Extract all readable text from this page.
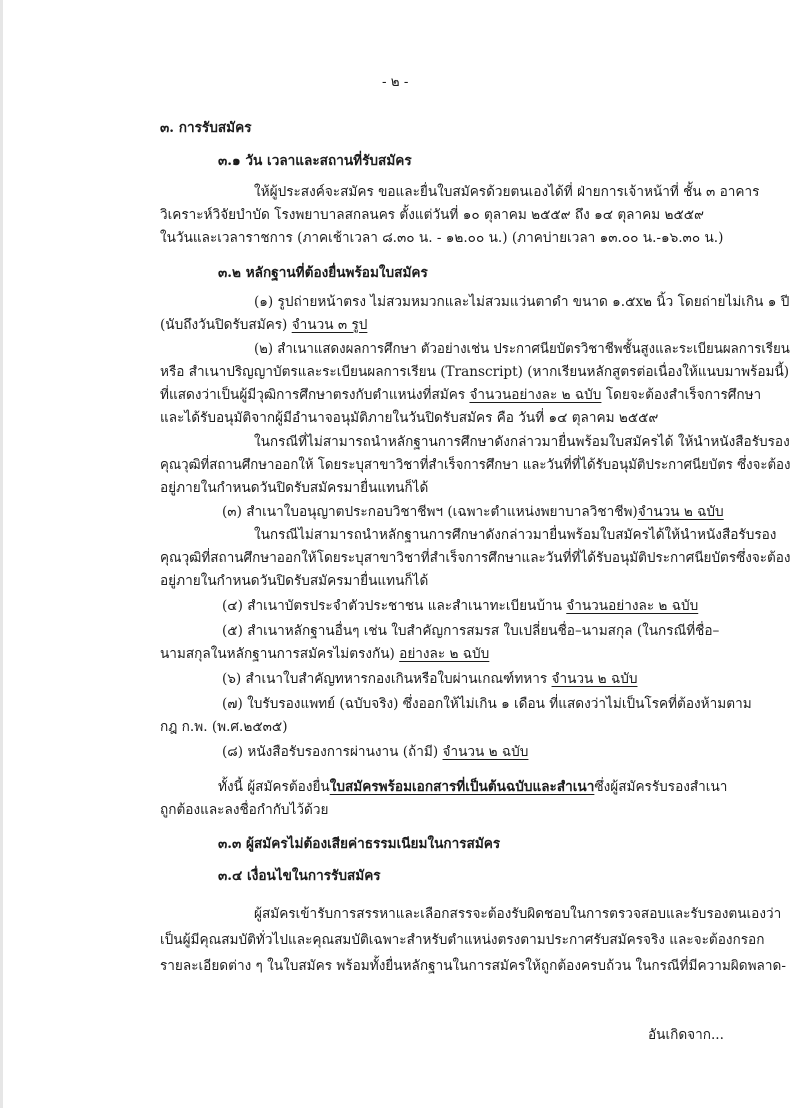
- ๒ -
๓. การรับสมัคร
๓.๑ วัน เวลาและสถานที่รับสมัคร
ให้ผู้ประสงค์จะสมัคร ขอและยื่นใบสมัครด้วยตนเองได้ที่ ฝ่ายการเจ้าหน้าที่ ชั้น ๓ อาคาร
วิเคราะห์วิจัยบำบัด โรงพยาบาลสกลนคร ตั้งแต่วันที่ ๑๐ ตุลาคม ๒๕๕๙ ถึง ๑๔ ตุลาคม ๒๕๕๙
ในวันและเวลาราชการ (ภาคเช้าเวลา ๘.๓๐ น. - ๑๒.๐๐ น.) (ภาคบ่ายเวลา ๑๓.๐๐ น.-๑๖.๓๐ น.)
๓.๒ หลักฐานที่ต้องยื่นพร้อมใบสมัคร
(๑) รูปถ่ายหน้าตรง ไม่สวมหมวกและไม่สวมแว่นตาดำ ขนาด ๑.๕x๒ นิ้ว โดยถ่ายไม่เกิน ๑ ปี
(นับถึงวันปิดรับสมัคร) จำนวน ๓ รูป
(๒) สำเนาแสดงผลการศึกษา ตัวอย่างเช่น ประกาศนียบัตรวิชาชีพชั้นสูงและระเบียนผลการเรียน
หรือ สำเนาปริญญาบัตรและระเบียนผลการเรียน (Transcript) (หากเรียนหลักสูตรต่อเนื่องให้แนบมาพร้อมนี้)
ที่แสดงว่าเป็นผู้มีวุฒิการศึกษาตรงกับตำแหน่งที่สมัคร จำนวนอย่างละ ๒ ฉบับ โดยจะต้องสำเร็จการศึกษา
และได้รับอนุมัติจากผู้มีอำนาจอนุมัติภายในวันปิดรับสมัคร คือ วันที่ ๑๔ ตุลาคม ๒๕๕๙
ในกรณีที่ไม่สามารถนำหลักฐานการศึกษาดังกล่าวมายื่นพร้อมใบสมัครได้ ให้นำหนังสือรับรอง
คุณวุฒิที่สถานศึกษาออกให้ โดยระบุสาขาวิชาที่สำเร็จการศึกษา และวันที่ที่ได้รับอนุมัติประกาศนียบัตร ซึ่งจะต้อง
อยู่ภายในกำหนดวันปิดรับสมัครมายื่นแทนก็ได้
(๓) สำเนาใบอนุญาตประกอบวิชาชีพฯ (เฉพาะตำแหน่งพยาบาลวิชาชีพ)จำนวน ๒ ฉบับ
ในกรณีไม่สามารถนำหลักฐานการศึกษาดังกล่าวมายื่นพร้อมใบสมัครได้ให้นำหนังสือรับรอง
คุณวุฒิที่สถานศึกษาออกให้โดยระบุสาขาวิชาที่สำเร็จการศึกษาและวันที่ที่ได้รับอนุมัติประกาศนียบัตรซึ่งจะต้อง
อยู่ภายในกำหนดวันปิดรับสมัครมายื่นแทนก็ได้
(๔) สำเนาบัตรประจำตัวประชาชน และสำเนาทะเบียนบ้าน จำนวนอย่างละ ๒ ฉบับ
(๕) สำเนาหลักฐานอื่นๆ เช่น ใบสำคัญการสมรส ใบเปลี่ยนชื่อ–นามสกุล (ในกรณีที่ชื่อ–
นามสกุลในหลักฐานการสมัครไม่ตรงกัน) อย่างละ ๒ ฉบับ
(๖) สำเนาใบสำคัญทหารกองเกินหรือใบผ่านเกณฑ์ทหาร จำนวน ๒ ฉบับ
(๗) ใบรับรองแพทย์ (ฉบับจริง) ซึ่งออกให้ไม่เกิน ๑ เดือน ที่แสดงว่าไม่เป็นโรคที่ต้องห้ามตาม
กฎ ก.พ. (พ.ศ.๒๕๓๕)
(๘) หนังสือรับรองการผ่านงาน (ถ้ามี) จำนวน ๒ ฉบับ
ทั้งนี้ ผู้สมัครต้องยื่นใบสมัครพร้อมเอกสารที่เป็นต้นฉบับและสำเนาซึ่งผู้สมัครรับรองสำเนา
ถูกต้องและลงชื่อกำกับไว้ด้วย
๓.๓ ผู้สมัครไม่ต้องเสียค่าธรรมเนียมในการสมัคร
๓.๔ เงื่อนไขในการรับสมัคร
ผู้สมัครเข้ารับการสรรหาและเลือกสรรจะต้องรับผิดชอบในการตรวจสอบและรับรองตนเองว่า
เป็นผู้มีคุณสมบัติทั่วไปและคุณสมบัติเฉพาะสำหรับตำแหน่งตรงตามประกาศรับสมัครจริง และจะต้องกรอก
รายละเอียดต่าง ๆ ในใบสมัคร พร้อมทั้งยื่นหลักฐานในการสมัครให้ถูกต้องครบถ้วน ในกรณีที่มีความผิดพลาด-
อันเกิดจาก...
